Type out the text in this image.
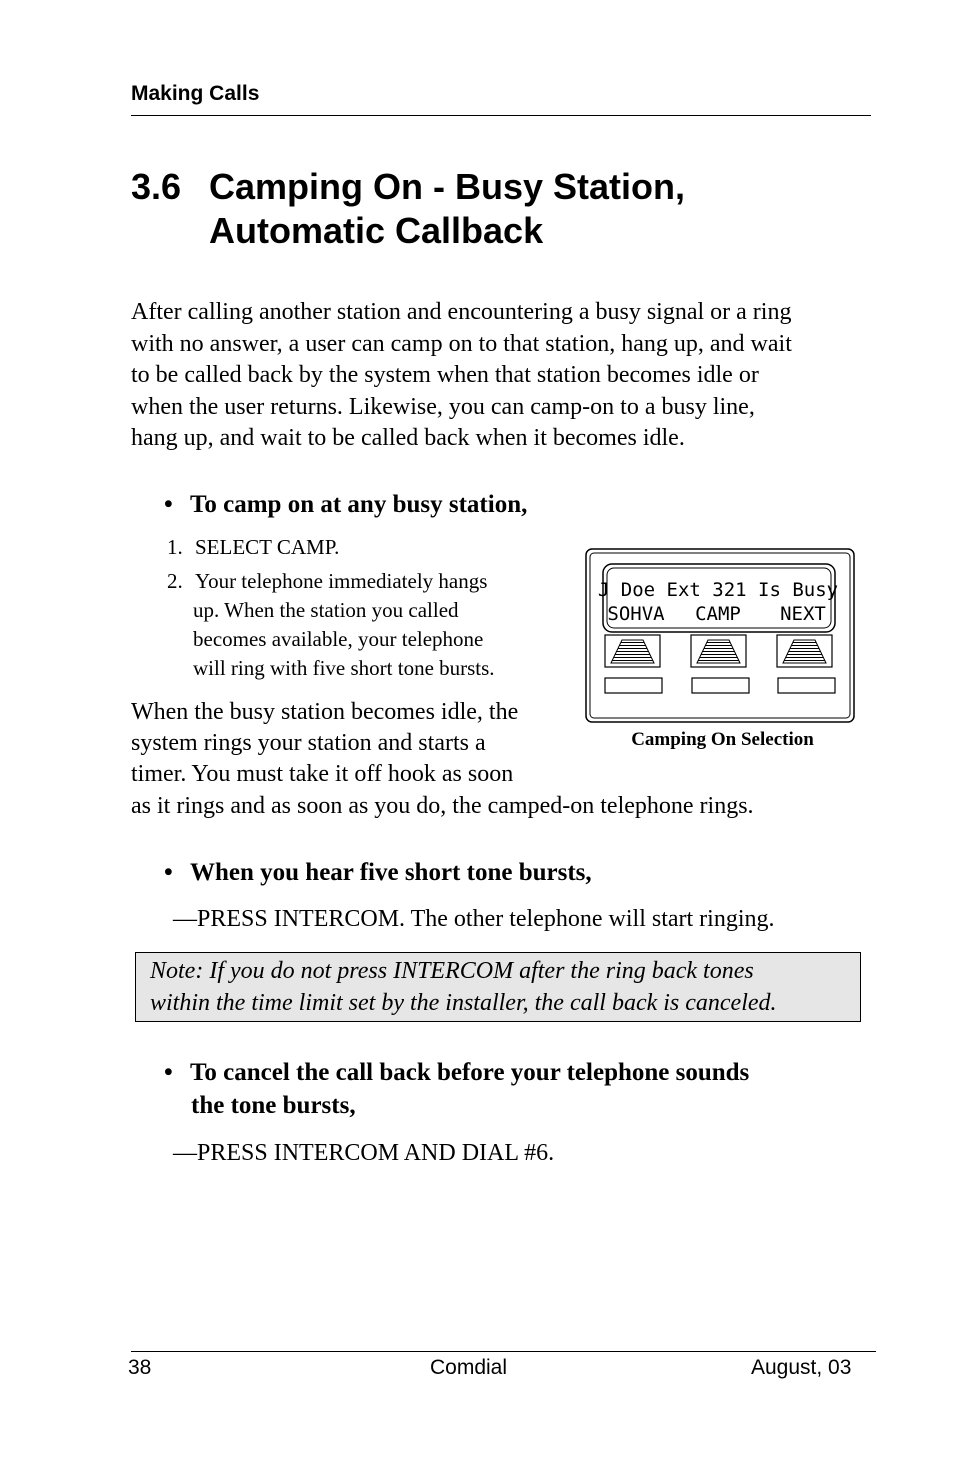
Making Calls
3.6 Camping On - Busy Station,
Automatic Callback
After calling another station and encountering a busy signal or a ring
with no answer, a user can camp on to that station, hang up, and wait
to be called back by the system when that station becomes idle or
when the user returns. Likewise, you can camp-on to a busy line,
hang up, and wait to be called back when it becomes idle.
• To camp on at any busy station,
1. SELECT CAMP.
2. Your telephone immediately hangs
up. When the station you called
becomes available, your telephone
will ring with five short tone bursts.
When the busy station becomes idle, the
system rings your station and starts a
timer. You must take it off hook as soon
as it rings and as soon as you do, the camped-on telephone rings.
J Doe Ext 321 Is Busy
SOHVA CAMP NEXT
Camping On Selection
• When you hear five short tone bursts,
—PRESS INTERCOM. The other telephone will start ringing.
Note: If you do not press INTERCOM after the ring back tones
within the time limit set by the installer, the call back is canceled.
• To cancel the call back before your telephone sounds
the tone bursts,
—PRESS INTERCOM AND DIAL #6.
38	Comdial	August, 03
